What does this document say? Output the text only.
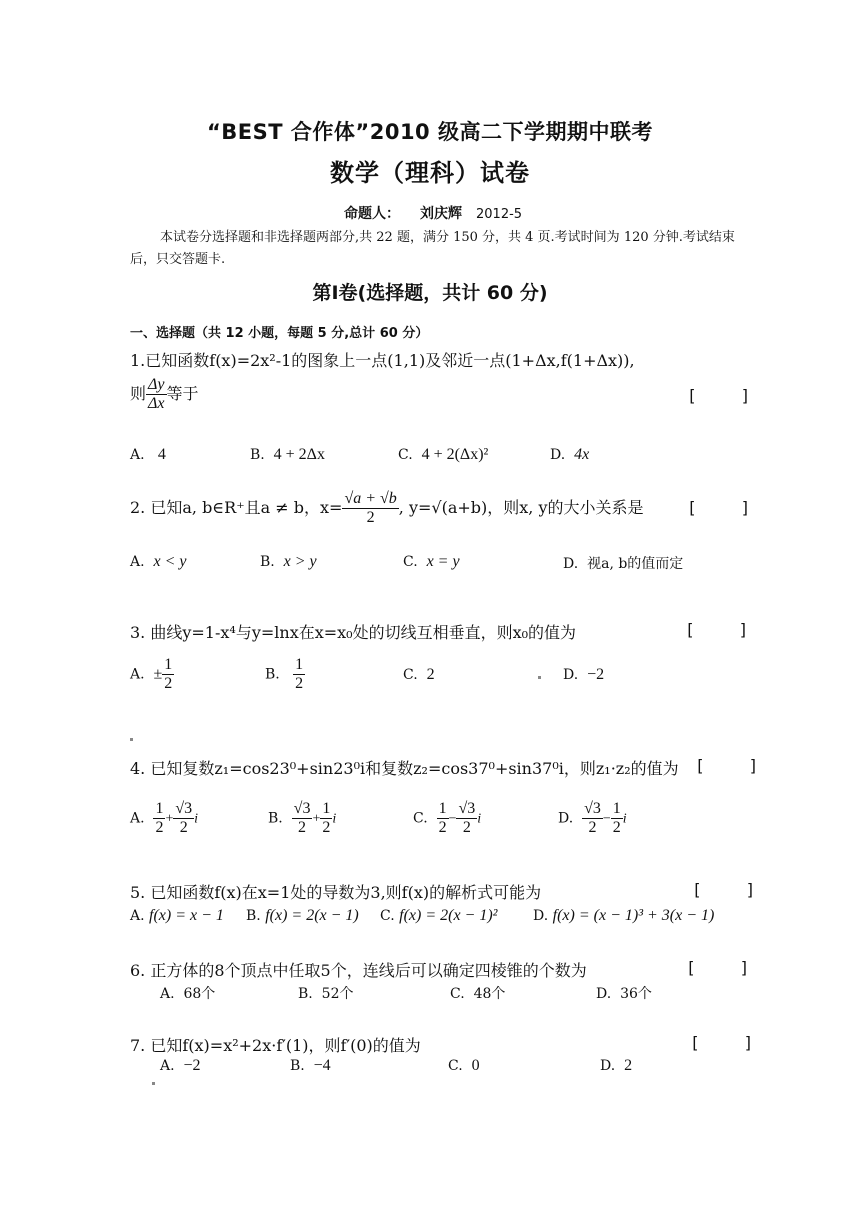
“BEST 合作体”2010 级高二下学期期中联考
数学（理科）试卷
命题人： 刘庆辉 2012-5
本试卷分选择题和非选择题两部分,共 22 题，满分 150 分，共 4 页.考试时间为 120 分钟.考试结束后，只交答题卡.
第Ⅰ卷(选择题，共计 60 分)
一、选择题（共 12 小题，每题 5 分,总计 60 分）
1.已知函数f(x)=2x²-1的图象上一点(1,1)及邻近一点(1+Δx,f(1+Δx)),
则 $\frac{\Delta y}{\Delta x}$ 等于	[	]
A. 4	B. 4 + 2Δx	C. 4 + 2(Δx)²	D. 4x
2. 已知a, b∈R⁺且a ≠ b，$x= \frac{√a + √b}{2}$ , y=√(a+b)，则x, y的大小关系是	[	]
A. x < y	B. x > y	C. x = y	D. 视a, b的值而定
3. 曲线y=1-x⁴与y=lnx在x=x₀处的切线互相垂直，则x₀的值为	[	]
A. ± $\frac{1}{2}$	B. $\frac{1}{2}$	C. 2	D. −2
4. 已知复数z₁=cos23⁰+sin23⁰i和复数z₂=cos37⁰+sin37⁰i，则z₁·z₂的值为 [	]
A. $\frac{1}{2} + \frac{√3}{2}$ i	B. $\frac{√3}{2} + \frac{1}{2}$ i	C. $\frac{1}{2} - \frac{√3}{2}$ i	D. $\frac{√3}{2} - \frac{1}{2}$ i
5. 已知函数f(x)在x=1处的导数为3,则f(x)的解析式可能为	[	]
A. f(x) = x − 1 B. f(x) = 2(x − 1) C. f(x) = 2(x − 1)²	D. f(x) = (x − 1)³ + 3(x − 1)
6. 正方体的8个顶点中任取5个，连线后可以确定四棱锥的个数为	[	]
A. 68个	B. 52个	C. 48个	D. 36个
7. 已知f(x)=x²+2x·f′(1)，则f′(0)的值为	[	]
A. −2	B. −4	C. 0	D. 2
